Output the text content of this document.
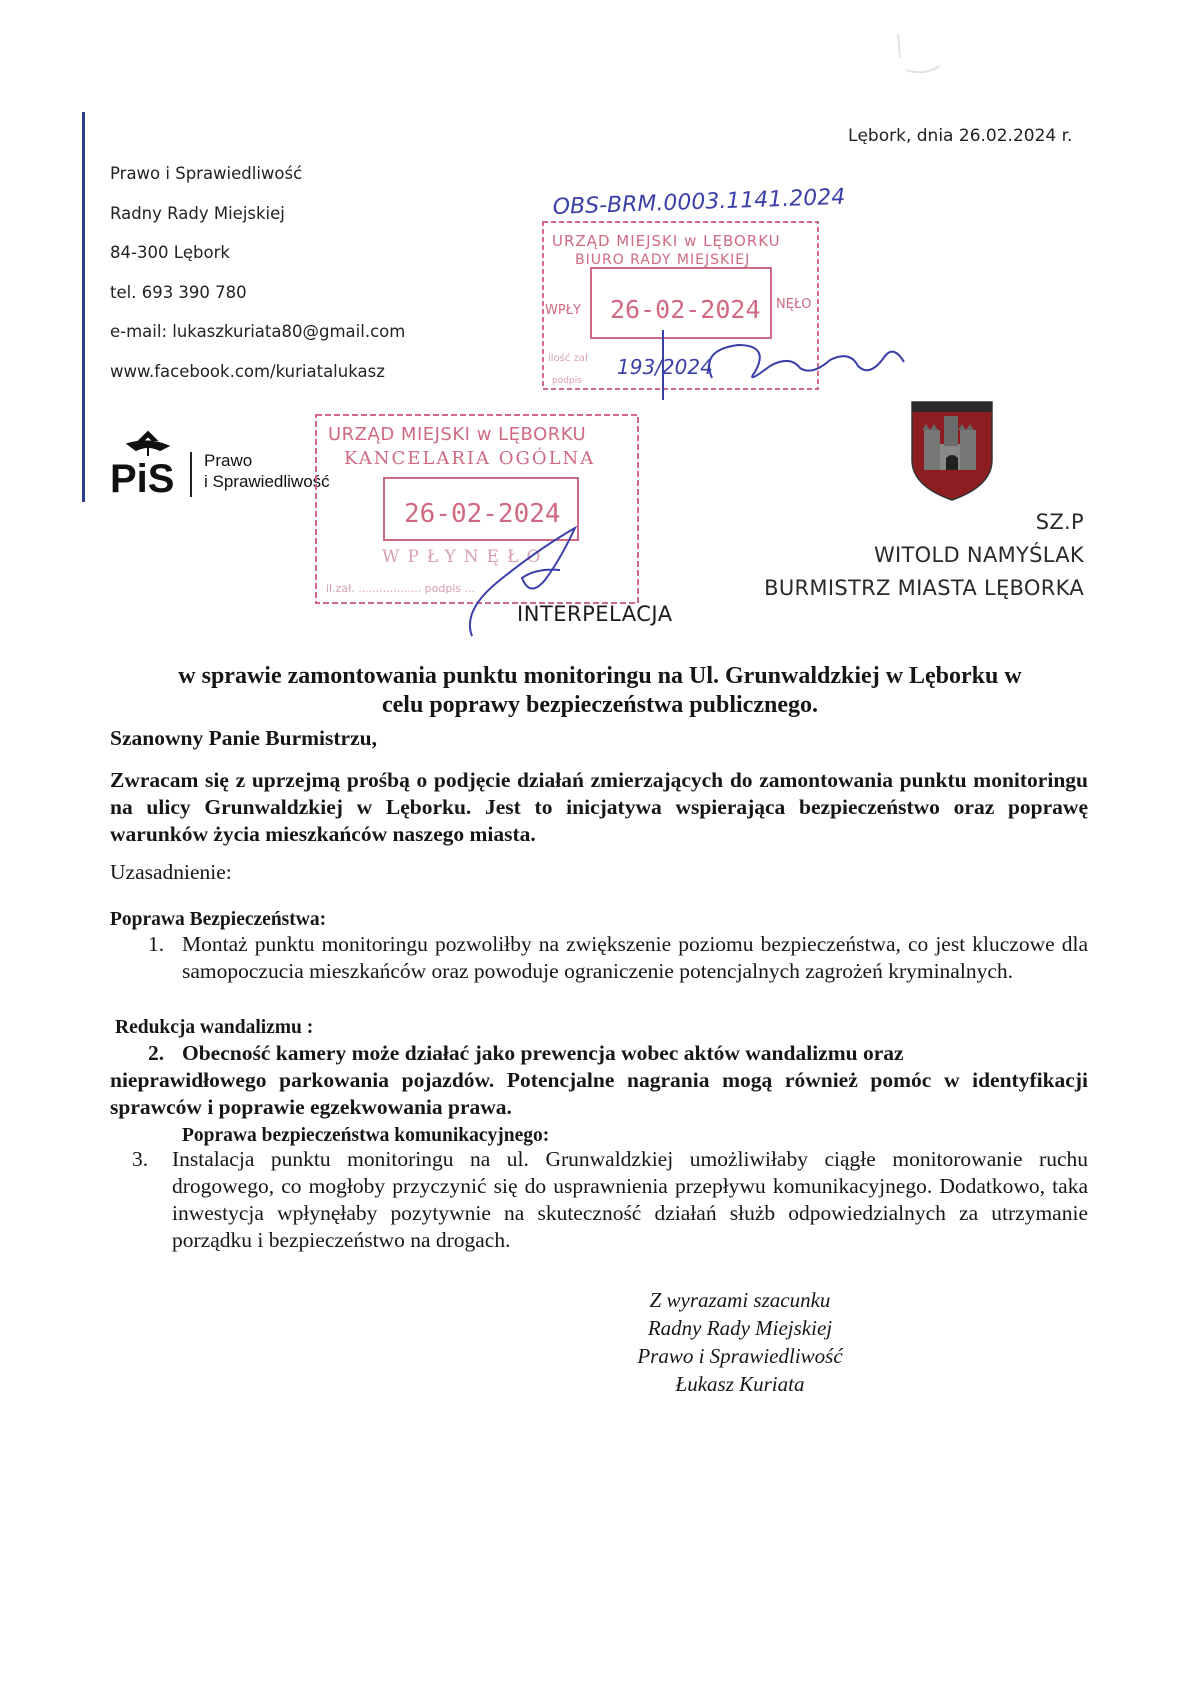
Lębork, dnia 26.02.2024 r.
Prawo i Sprawiedliwość
Radny Rady Miejskiej
84-300 Lębork
tel. 693 390 780
e-mail: lukaszkuriata80@gmail.com
www.facebook.com/kuriatalukasz
PiS Prawo
i Sprawiedliwość
OBS-BRM.0003.1141.2024
URZĄD MIEJSKI w LĘBORKU
BIURO RADY MIEJSKIEJ
WPŁY	NĘŁO
26-02-2024
ilość zał
podpis
193/2024
URZĄD MIEJSKI w LĘBORKU
KANCELARIA OGÓLNA
26-02-2024
WPŁYNĘŁO
il.zał. .................. podpis ...
SZ.P
WITOLD NAMYŚLAK
BURMISTRZ MIASTA LĘBORKA
INTERPELACJA
w sprawie zamontowania punktu monitoringu na Ul. Grunwaldzkiej w Lęborku w
celu poprawy bezpieczeństwa publicznego.
Szanowny Panie Burmistrzu,
Zwracam się z uprzejmą prośbą o podjęcie działań zmierzających do zamontowania punktu monitoringu na ulicy Grunwaldzkiej w Lęborku. Jest to inicjatywa wspierająca bezpieczeństwo oraz poprawę warunków życia mieszkańców naszego miasta.
Uzasadnienie:
Poprawa Bezpieczeństwa:
1. Montaż punktu monitoringu pozwoliłby na zwiększenie poziomu bezpieczeństwa, co jest kluczowe dla samopoczucia mieszkańców oraz powoduje ograniczenie potencjalnych zagrożeń kryminalnych.
Redukcja wandalizmu :
2. Obecność kamery może działać jako prewencja wobec aktów wandalizmu oraz
nieprawidłowego parkowania pojazdów. Potencjalne nagrania mogą również pomóc w identyfikacji sprawców i poprawie egzekwowania prawa.
Poprawa bezpieczeństwa komunikacyjnego:
3. Instalacja punktu monitoringu na ul. Grunwaldzkiej umożliwiłaby ciągłe monitorowanie ruchu drogowego, co mogłoby przyczynić się do usprawnienia przepływu komunikacyjnego. Dodatkowo, taka inwestycja wpłynęłaby pozytywnie na skuteczność działań służb odpowiedzialnych za utrzymanie porządku i bezpieczeństwo na drogach.
Z wyrazami szacunku
Radny Rady Miejskiej
Prawo i Sprawiedliwość
Łukasz Kuriata
